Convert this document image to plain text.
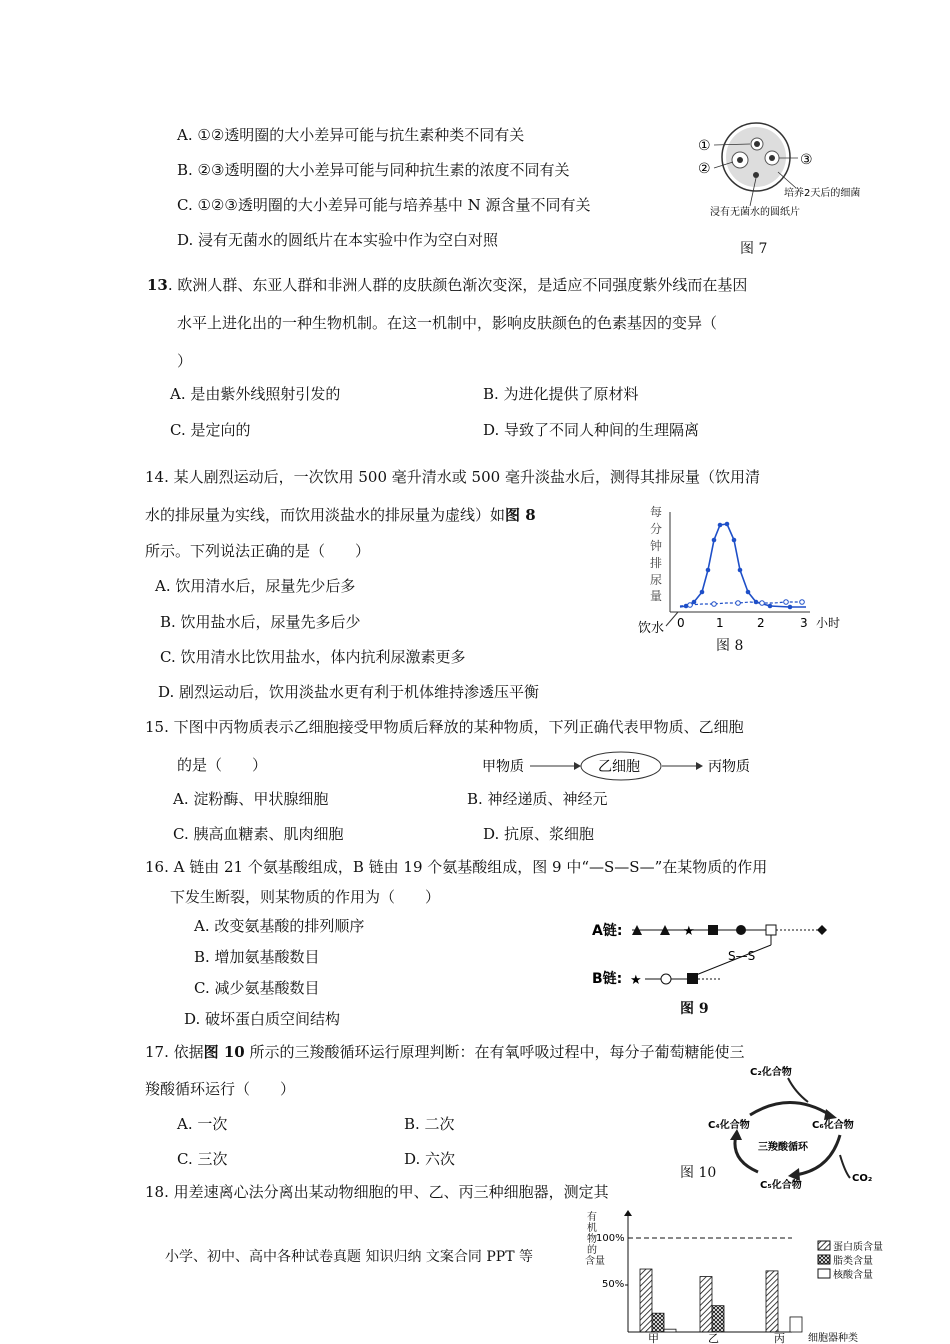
A. ①②透明圈的大小差异可能与抗生素种类不同有关
B. ②③透明圈的大小差异可能与同种抗生素的浓度不同有关
C. ①②③透明圈的大小差异可能与培养基中 N 源含量不同有关
D. 浸有无菌水的圆纸片在本实验中作为空白对照
①
②
③
培养2天后的细菌
浸有无菌水的圆纸片
图 7
13. 欧洲人群、东亚人群和非洲人群的皮肤颜色渐次变深，是适应不同强度紫外线而在基因
水平上进化出的一种生物机制。在这一机制中，影响皮肤颜色的色素基因的变异（
）
A. 是由紫外线照射引发的	B. 为进化提供了原材料
C. 是定向的	D. 导致了不同人种间的生理隔离
14. 某人剧烈运动后，一次饮用 500 毫升清水或 500 毫升淡盐水后，测得其排尿量（饮用清
水的排尿量为实线，而饮用淡盐水的排尿量为虚线）如图 8
所示。下列说法正确的是（　　）
A. 饮用清水后，尿量先少后多
B. 饮用盐水后，尿量先多后少
C. 饮用清水比饮用盐水，体内抗利尿激素更多
D. 剧烈运动后，饮用淡盐水更有利于机体维持渗透压平衡
每
分
钟
排
尿
量
饮水 0	1	2	3 小时
图 8
15. 下图中丙物质表示乙细胞接受甲物质后释放的某种物质，下列正确代表甲物质、乙细胞
的是（　　）	甲物质	乙细胞	丙物质
A. 淀粉酶、甲状腺细胞	B. 神经递质、神经元
C. 胰高血糖素、肌肉细胞	D. 抗原、浆细胞
16. A 链由 21 个氨基酸组成，B 链由 19 个氨基酸组成，图 9 中“—S—S—”在某物质的作用
下发生断裂，则某物质的作用为（　　）
A. 改变氨基酸的排列顺序
B. 增加氨基酸数目
C. 减少氨基酸数目
D. 破坏蛋白质空间结构
A链:
B链:
★
S—S
★
图 9
17. 依据图 10 所示的三羧酸循环运行原理判断：在有氧呼吸过程中，每分子葡萄糖能使三
羧酸循环运行（　　）
A. 一次	B. 二次
C. 三次	D. 六次
C₂化合物
C₄化合物	C₆化合物
三羧酸循环
C₅化合物
CO₂
图 10
18. 用差速离心法分离出某动物细胞的甲、乙、丙三种细胞器，测定其
小学、初中、高中各种试卷真题 知识归纳 文案合同 PPT 等
有
机
物
的
含量
100%
50%
甲	乙	丙 细胞器种类
蛋白质含量
脂类含量
核酸含量
